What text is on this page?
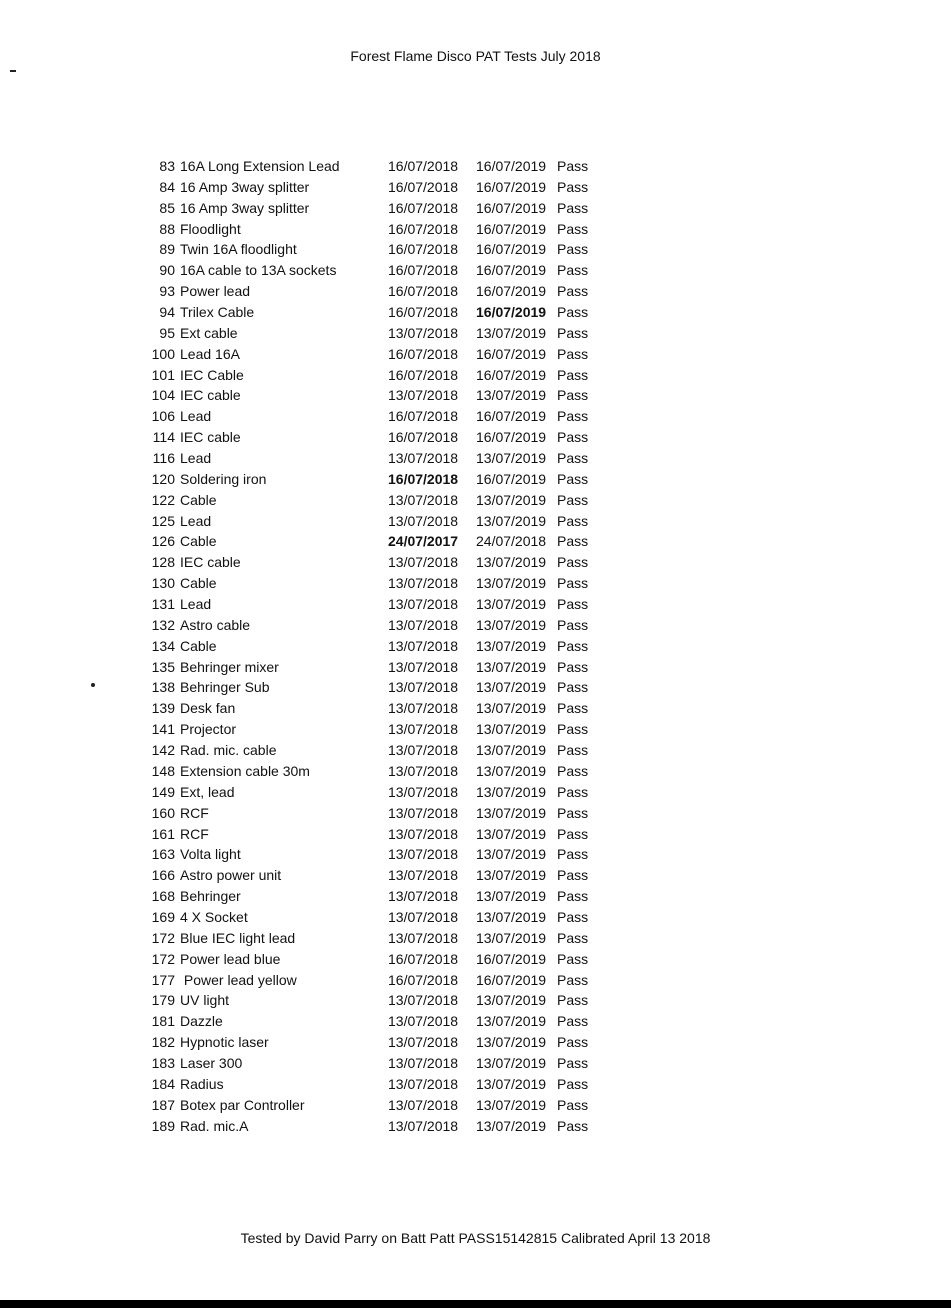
Forest Flame Disco PAT Tests July 2018
83 16A Long Extension Lead	16/07/2018 16/07/2019 Pass
84 16 Amp 3way splitter	16/07/2018 16/07/2019 Pass
85 16 Amp 3way splitter	16/07/2018 16/07/2019 Pass
88 Floodlight	16/07/2018 16/07/2019 Pass
89 Twin 16A floodlight	16/07/2018 16/07/2019 Pass
90 16A cable to 13A sockets	16/07/2018 16/07/2019 Pass
93 Power lead	16/07/2018 16/07/2019 Pass
94 Trilex Cable	16/07/2018 16/07/2019 Pass
95 Ext cable	13/07/2018 13/07/2019 Pass
100 Lead 16A	16/07/2018 16/07/2019 Pass
101 IEC Cable	16/07/2018 16/07/2019 Pass
104 IEC cable	13/07/2018 13/07/2019 Pass
106 Lead	16/07/2018 16/07/2019 Pass
114 IEC cable	16/07/2018 16/07/2019 Pass
116 Lead	13/07/2018 13/07/2019 Pass
120 Soldering iron	16/07/2018 16/07/2019 Pass
122 Cable	13/07/2018 13/07/2019 Pass
125 Lead	13/07/2018 13/07/2019 Pass
126 Cable	24/07/2017 24/07/2018 Pass
128 IEC cable	13/07/2018 13/07/2019 Pass
130 Cable	13/07/2018 13/07/2019 Pass
131 Lead	13/07/2018 13/07/2019 Pass
132 Astro cable	13/07/2018 13/07/2019 Pass
134 Cable	13/07/2018 13/07/2019 Pass
135 Behringer mixer	13/07/2018 13/07/2019 Pass
138 Behringer Sub	13/07/2018 13/07/2019 Pass
139 Desk fan	13/07/2018 13/07/2019 Pass
141 Projector	13/07/2018 13/07/2019 Pass
142 Rad. mic. cable	13/07/2018 13/07/2019 Pass
148 Extension cable 30m	13/07/2018 13/07/2019 Pass
149 Ext, lead	13/07/2018 13/07/2019 Pass
160 RCF	13/07/2018 13/07/2019 Pass
161 RCF	13/07/2018 13/07/2019 Pass
163 Volta light	13/07/2018 13/07/2019 Pass
166 Astro power unit	13/07/2018 13/07/2019 Pass
168 Behringer	13/07/2018 13/07/2019 Pass
169 4 X Socket	13/07/2018 13/07/2019 Pass
172 Blue IEC light lead	13/07/2018 13/07/2019 Pass
172 Power lead blue	16/07/2018 16/07/2019 Pass
177 Power lead yellow	16/07/2018 16/07/2019 Pass
179 UV light	13/07/2018 13/07/2019 Pass
181 Dazzle	13/07/2018 13/07/2019 Pass
182 Hypnotic laser	13/07/2018 13/07/2019 Pass
183 Laser 300	13/07/2018 13/07/2019 Pass
184 Radius	13/07/2018 13/07/2019 Pass
187 Botex par Controller	13/07/2018 13/07/2019 Pass
189 Rad. mic.A	13/07/2018 13/07/2019 Pass
Tested by David Parry on Batt Patt PASS15142815 Calibrated April 13 2018
